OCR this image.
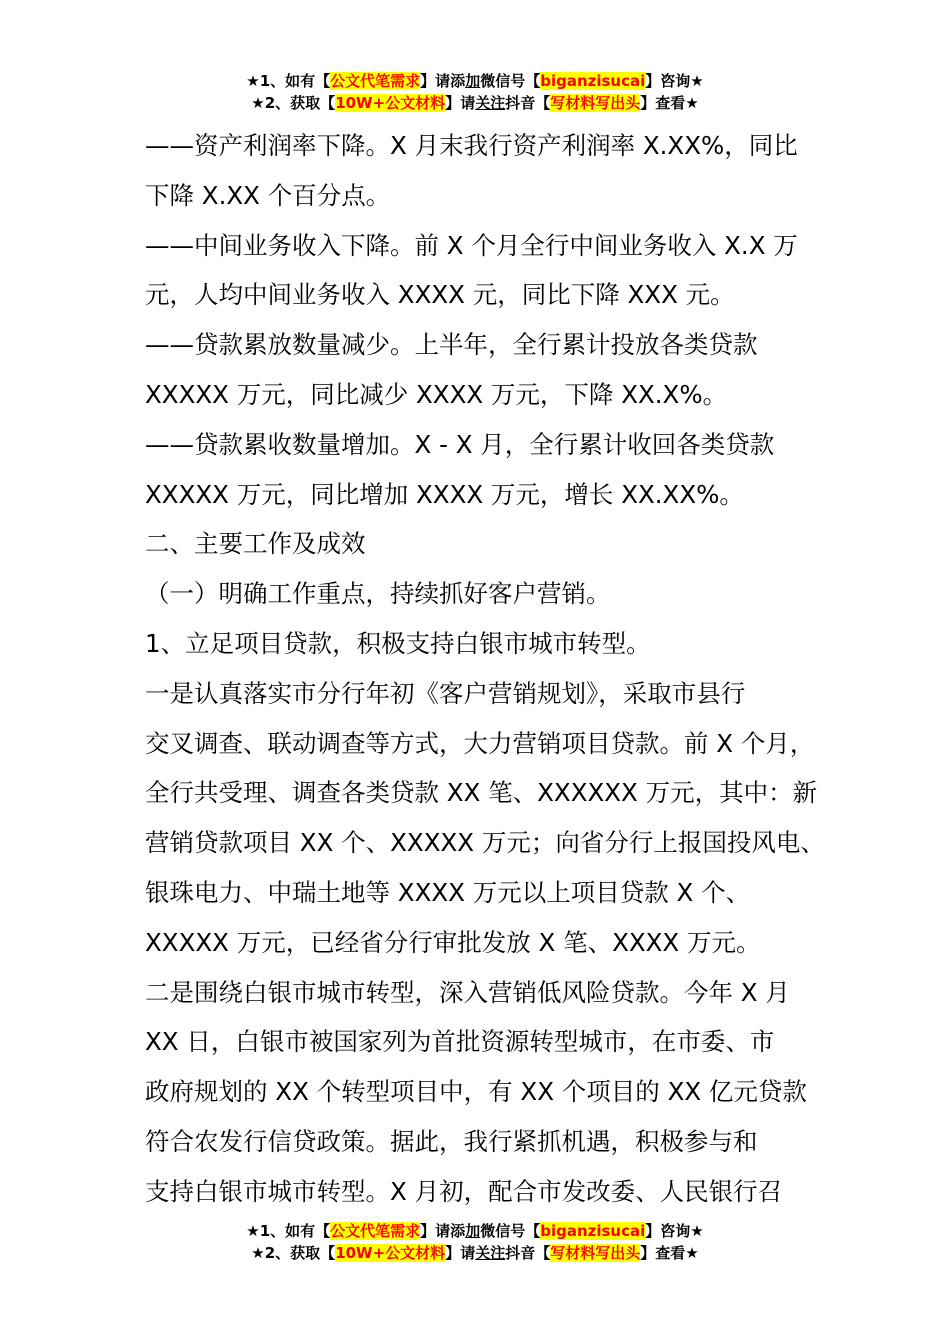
★1、如有【公文代笔需求】请添加微信号【biganzisucai】咨询★
★2、获取【10W+公文材料】请关注抖音【写材料写出头】查看★

——资产利润率下降。X 月末我行资产利润率 X.XX%，同比

下降 X.XX 个百分点。

——中间业务收入下降。前 X 个月全行中间业务收入 X.X 万

元，人均中间业务收入 XXXX 元，同比下降 XXX 元。

——贷款累放数量减少。上半年，全行累计投放各类贷款

XXXXX 万元，同比减少 XXXX 万元，下降 XX.X%。

——贷款累收数量增加。X - X 月，全行累计收回各类贷款

XXXXX 万元，同比增加 XXXX 万元，增长 XX.XX%。

二、主要工作及成效

（一）明确工作重点，持续抓好客户营销。

1、立足项目贷款，积极支持白银市城市转型。

一是认真落实市分行年初《客户营销规划》，采取市县行

交叉调查、联动调查等方式，大力营销项目贷款。前 X 个月，

全行共受理、调查各类贷款 XX 笔、XXXXXX 万元，其中：新

营销贷款项目 XX 个、XXXXX 万元；向省分行上报国投风电、

银珠电力、中瑞土地等 XXXX 万元以上项目贷款 X 个、

XXXXX 万元，已经省分行审批发放 X 笔、XXXX 万元。

二是围绕白银市城市转型，深入营销低风险贷款。今年 X 月

XX 日，白银市被国家列为首批资源转型城市，在市委、市

政府规划的 XX 个转型项目中，有 XX 个项目的 XX 亿元贷款

符合农发行信贷政策。据此，我行紧抓机遇，积极参与和

支持白银市城市转型。X 月初，配合市发改委、人民银行召

★1、如有【公文代笔需求】请添加微信号【biganzisucai】咨询★
★2、获取【10W+公文材料】请关注抖音【写材料写出头】查看★
